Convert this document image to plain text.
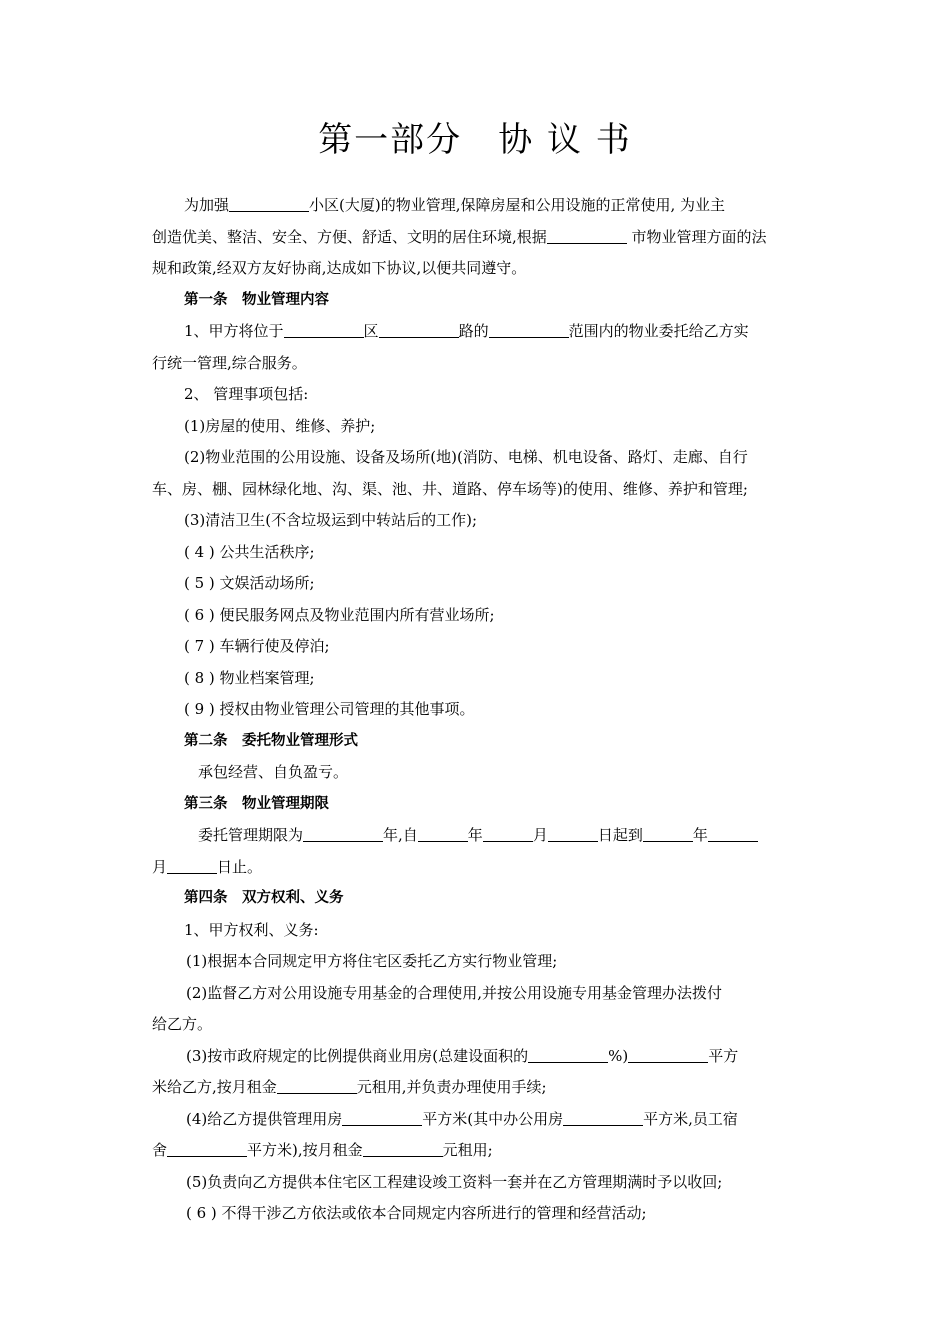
第一部分 协 议 书

为加强	小区(大厦)的物业管理,保障房屋和公用设施的正常使用, 为业主

创造优美、整洁、安全、方便、舒适、文明的居住环境,根据	市物业管理方面的法

规和政策,经双方友好协商,达成如下协议,以便共同遵守。

第一条　物业管理内容

1、甲方将位于	区	路的	范围内的物业委托给乙方实

行统一管理,综合服务。

2、 管理事项包括:

(1)房屋的使用、维修、养护;

(2)物业范围的公用设施、设备及场所(地)(消防、电梯、机电设备、路灯、走廊、自行

车、房、棚、园林绿化地、沟、渠、池、井、道路、停车场等)的使用、维修、养护和管理;

(3)清洁卫生(不含垃圾运到中转站后的工作);

( 4 ) 公共生活秩序;

( 5 ) 文娱活动场所;

( 6 ) 便民服务网点及物业范围内所有营业场所;

( 7 ) 车辆行使及停泊;

( 8 ) 物业档案管理;

( 9 ) 授权由物业管理公司管理的其他事项。

第二条　委托物业管理形式

承包经营、自负盈亏。

第三条　物业管理期限

委托管理期限为	年,自	年	月	日起到	年

月	日止。

第四条　双方权利、义务

1、甲方权利、义务:

(1)根据本合同规定甲方将住宅区委托乙方实行物业管理;

(2)监督乙方对公用设施专用基金的合理使用,并按公用设施专用基金管理办法拨付

给乙方。

(3)按市政府规定的比例提供商业用房(总建设面积的	%)	平方

米给乙方,按月租金	元租用,并负责办理使用手续;

(4)给乙方提供管理用房	平方米(其中办公用房	平方米,员工宿

舍	平方米),按月租金	元租用;

(5)负责向乙方提供本住宅区工程建设竣工资料一套并在乙方管理期满时予以收回;

( 6 ) 不得干涉乙方依法或依本合同规定内容所进行的管理和经营活动;
